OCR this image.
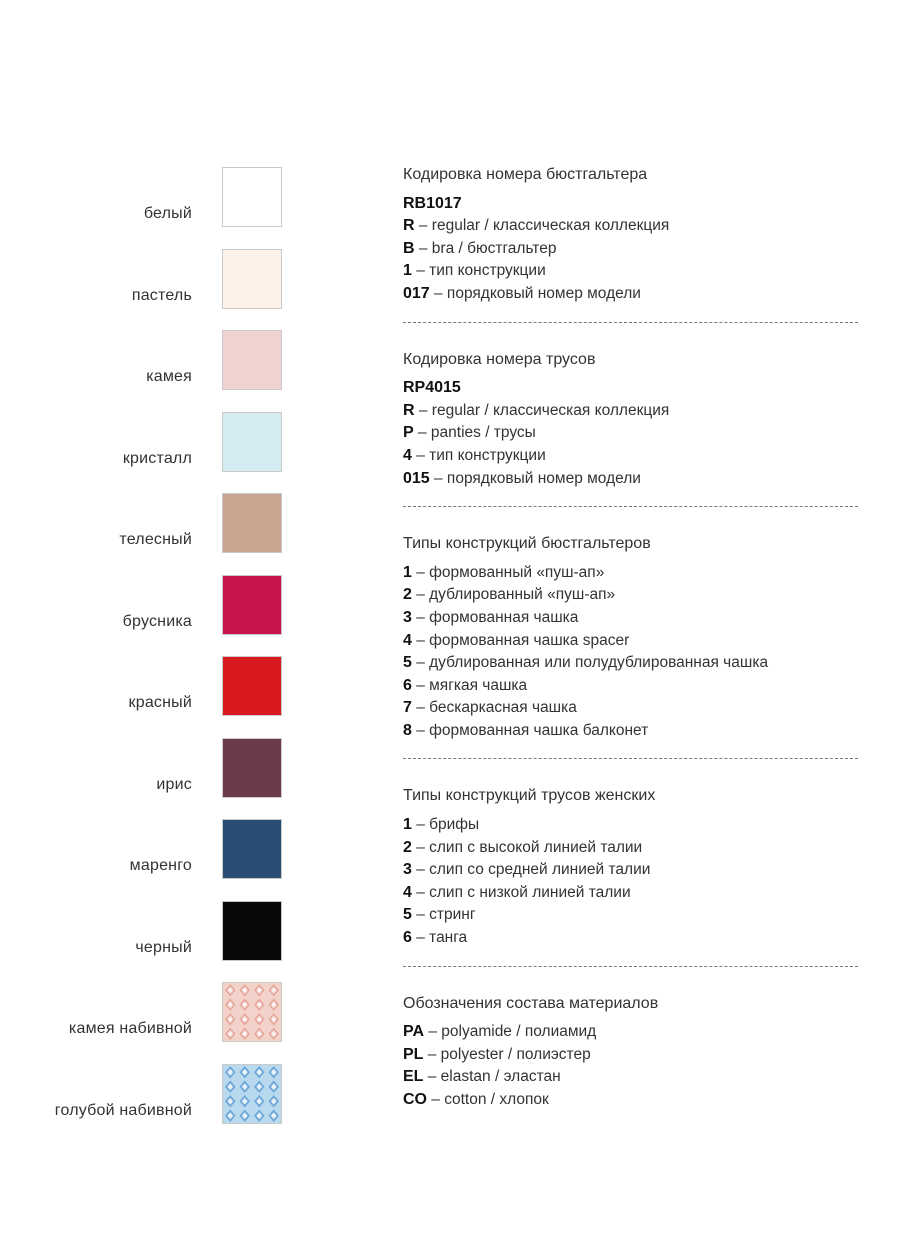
белый
пастель
камея
кристалл
телесный
брусника
красный
ирис
маренго
черный
камея набивной
голубой набивной
Кодировка номера бюстгальтера
RB1017
R – regular / классическая коллекция
B – bra / бюстгальтер
1 – тип конструкции
017 – порядковый номер модели
Кодировка номера трусов
RP4015
R – regular / классическая коллекция
P – panties / трусы
4 – тип конструкции
015 – порядковый номер модели
Типы конструкций бюстгальтеров
1 – формованный «пуш-ап»
2 – дублированный «пуш-ап»
3 – формованная чашка
4 – формованная чашка spacer
5 – дублированная или полудублированная чашка
6 – мягкая чашка
7 – бескаркасная чашка
8 – формованная чашка балконет
Типы конструкций трусов женских
1 – брифы
2 – слип с высокой линией талии
3 – слип со средней линией талии
4 – слип с низкой линией талии
5 – стринг
6 – танга
Обозначения состава материалов
PA – polyamide / полиамид
PL – polyester / полиэстер
EL – elastan / эластан
CO – cotton / хлопок
